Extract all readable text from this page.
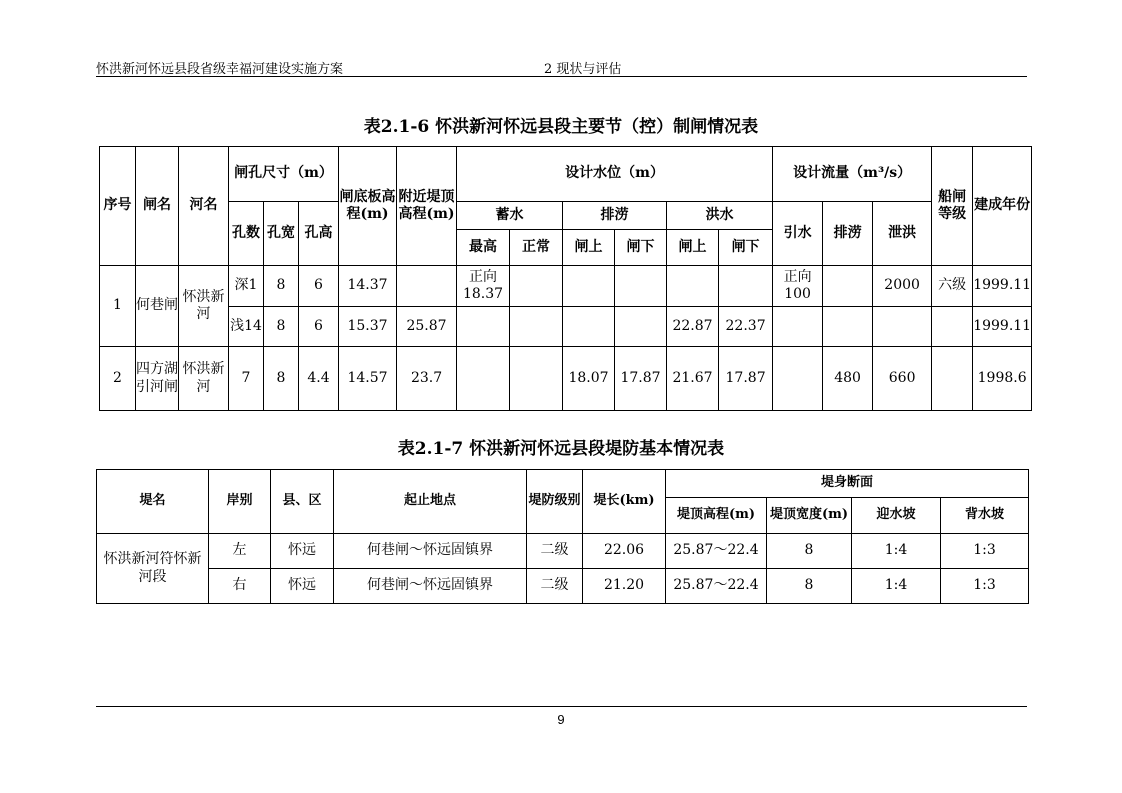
怀洪新河怀远县段省级幸福河建设实施方案	2 现状与评估
表2.1-6 怀洪新河怀远县段主要节（控）制闸情况表
序号	闸名	河名	闸孔尺寸（m）			闸底板高程(m)	附近堤顶高程(m)	设计水位（m）						设计流量（m³/s）			船闸等级	建成年份
			孔数	孔宽	孔高			蓄水		排涝		洪水		引水	排涝	泄洪		
								最高	正常	闸上	闸下	闸上	闸下					
1	何巷闸	怀洪新河	深1	8	6	14.37		正向18.37						正向100		2000	六级	1999.11
			浅14	8	6	15.37	25.87					22.87	22.37					1999.11
2	四方湖引河闸	怀洪新河	7	8	4.4	14.57	23.7			18.07	17.87	21.67	17.87		480	660		1998.6
表2.1-7 怀洪新河怀远县段堤防基本情况表
堤名	岸别	县、区	起止地点	堤防级别	堤长(km)	堤身断面			
						堤顶高程(m)	堤顶宽度(m)	迎水坡	背水坡
怀洪新河符怀新河段	左	怀远	何巷闸～怀远固镇界	二级	22.06	25.87～22.4	8	1:4	1:3
	右	怀远	何巷闸～怀远固镇界	二级	21.20	25.87～22.4	8	1:4	1:3
9
